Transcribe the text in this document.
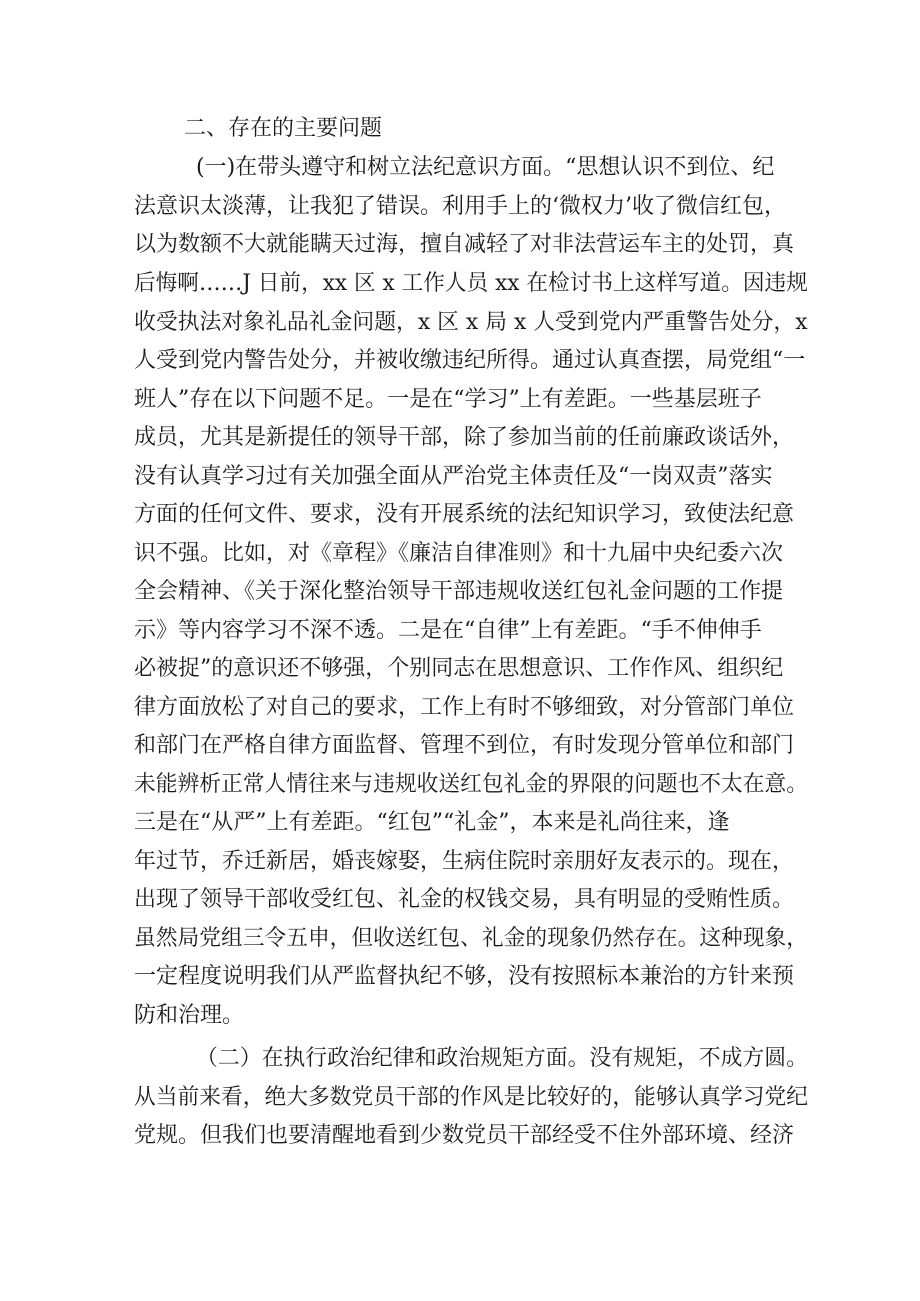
二、存在的主要问题
(一)在带头遵守和树立法纪意识方面。“思想认识不到位、纪
法意识太淡薄，让我犯了错误。利用手上的‘微权力’收了微信红包，
以为数额不大就能瞒天过海，擅自减轻了对非法营运车主的处罚，真
后悔啊……J 日前，xx 区 x 工作人员 xx 在检讨书上这样写道。因违规
收受执法对象礼品礼金问题，x 区 x 局 x 人受到党内严重警告处分，x
人受到党内警告处分，并被收缴违纪所得。通过认真查摆，局党组“一
班人”存在以下问题不足。一是在“学习”上有差距。一些基层班子
成员，尤其是新提任的领导干部，除了参加当前的任前廉政谈话外，
没有认真学习过有关加强全面从严治党主体责任及“一岗双责”落实
方面的任何文件、要求，没有开展系统的法纪知识学习，致使法纪意
识不强。比如，对《章程》《廉洁自律准则》和十九届中央纪委六次
全会精神、《关于深化整治领导干部违规收送红包礼金问题的工作提
示》等内容学习不深不透。二是在“自律”上有差距。“手不伸伸手
必被捉”的意识还不够强，个别同志在思想意识、工作作风、组织纪
律方面放松了对自己的要求，工作上有时不够细致，对分管部门单位
和部门在严格自律方面监督、管理不到位，有时发现分管单位和部门
未能辨析正常人情往来与违规收送红包礼金的界限的问题也不太在意。
三是在“从严”上有差距。“红包”“礼金”，本来是礼尚往来，逢
年过节，乔迁新居，婚丧嫁娶，生病住院时亲朋好友表示的。现在，
出现了领导干部收受红包、礼金的权钱交易，具有明显的受贿性质。
虽然局党组三令五申，但收送红包、礼金的现象仍然存在。这种现象，
一定程度说明我们从严监督执纪不够，没有按照标本兼治的方针来预
防和治理。
（二）在执行政治纪律和政治规矩方面。没有规矩，不成方圆。
从当前来看，绝大多数党员干部的作风是比较好的，能够认真学习党纪
党规。但我们也要清醒地看到少数党员干部经受不住外部环境、经济
